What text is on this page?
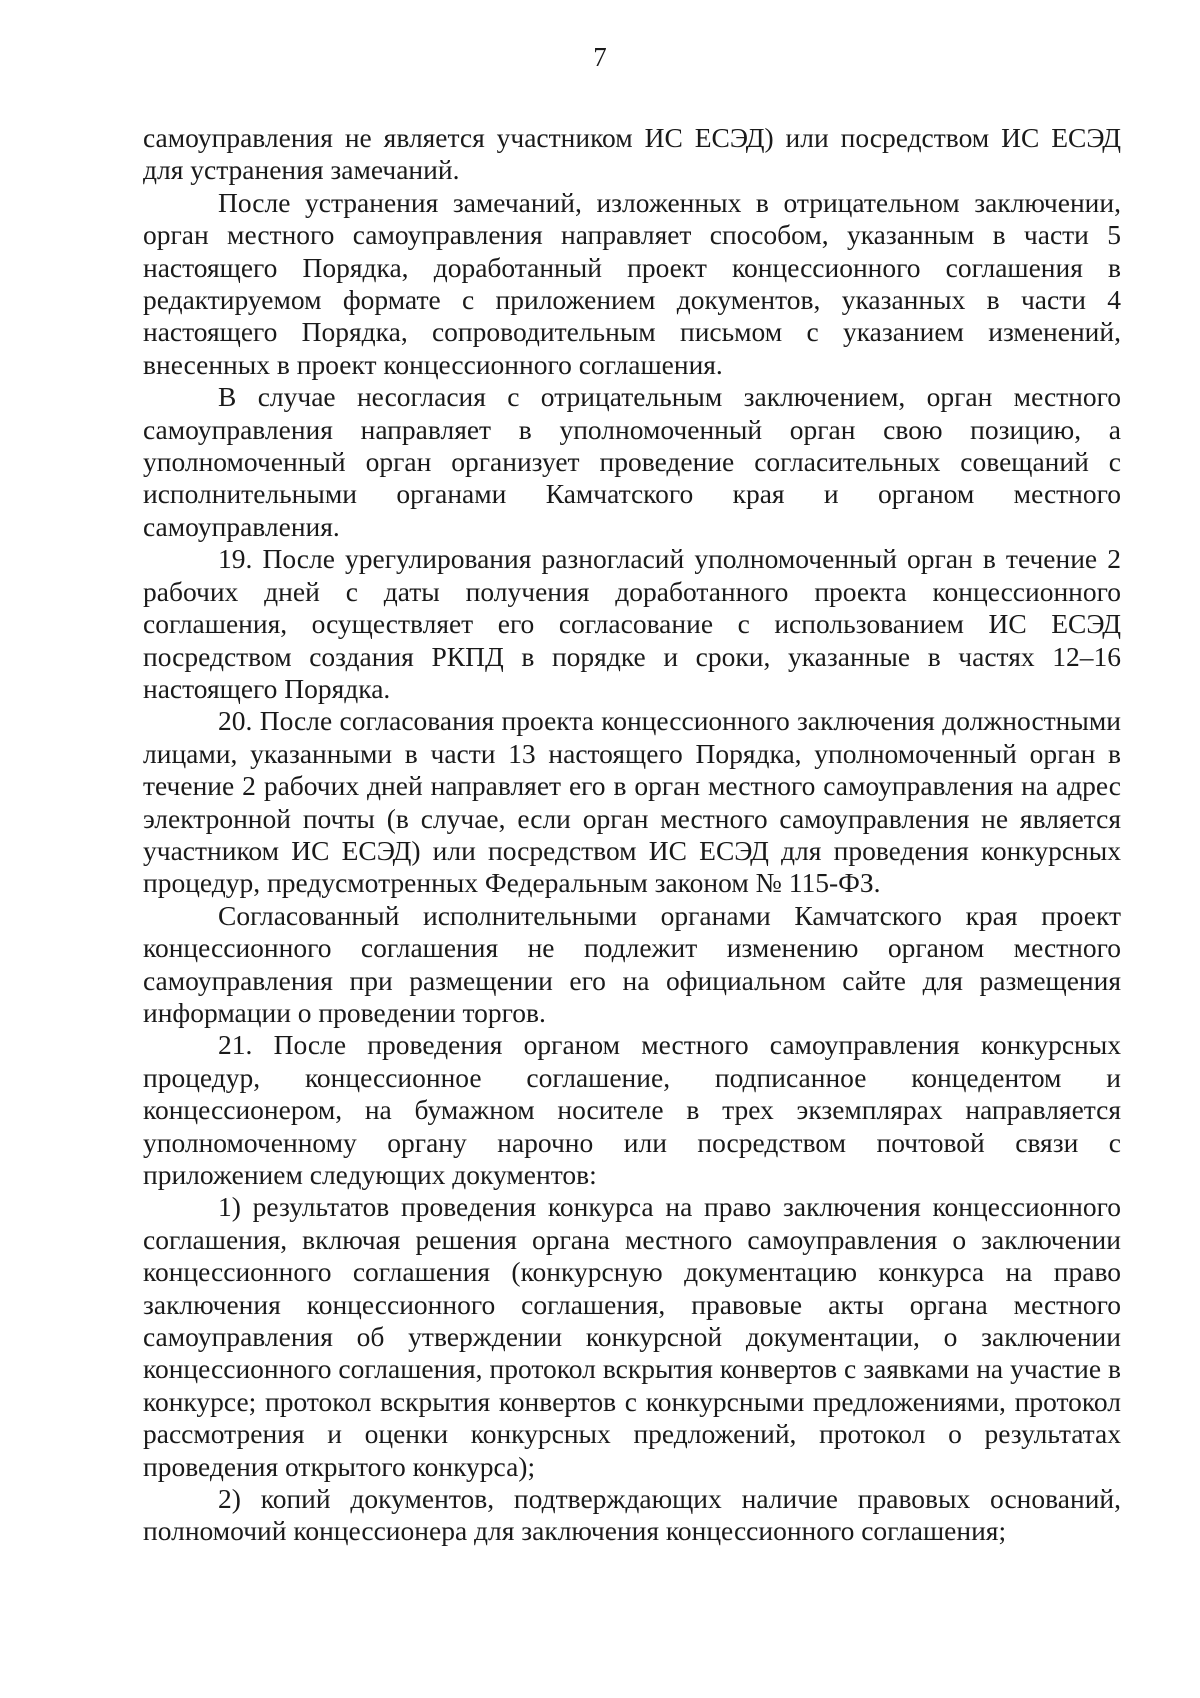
7

самоуправления не является участником ИС ЕСЭД) или посредством ИС ЕСЭД для устранения замечаний.

После устранения замечаний, изложенных в отрицательном заключении, орган местного самоуправления направляет способом, указанным в части 5 настоящего Порядка, доработанный проект концессионного соглашения в редактируемом формате с приложением документов, указанных в части 4 настоящего Порядка, сопроводительным письмом с указанием изменений, внесенных в проект концессионного соглашения.

В случае несогласия с отрицательным заключением, орган местного самоуправления направляет в уполномоченный орган свою позицию, а уполномоченный орган организует проведение согласительных совещаний с исполнительными органами Камчатского края и органом местного самоуправления.

19. После урегулирования разногласий уполномоченный орган в течение 2 рабочих дней с даты получения доработанного проекта концессионного соглашения, осуществляет его согласование с использованием ИС ЕСЭД посредством создания РКПД в порядке и сроки, указанные в частях 12–16 настоящего Порядка.

20. После согласования проекта концессионного заключения должностными лицами, указанными в части 13 настоящего Порядка, уполномоченный орган в течение 2 рабочих дней направляет его в орган местного самоуправления на адрес электронной почты (в случае, если орган местного самоуправления не является участником ИС ЕСЭД) или посредством ИС ЕСЭД для проведения конкурсных процедур, предусмотренных Федеральным законом № 115-ФЗ.

Согласованный исполнительными органами Камчатского края проект концессионного соглашения не подлежит изменению органом местного самоуправления при размещении его на официальном сайте для размещения информации о проведении торгов.

21. После проведения органом местного самоуправления конкурсных процедур, концессионное соглашение, подписанное концедентом и концессионером, на бумажном носителе в трех экземплярах направляется уполномоченному органу нарочно или посредством почтовой связи с приложением следующих документов:

1) результатов проведения конкурса на право заключения концессионного соглашения, включая решения органа местного самоуправления о заключении концессионного соглашения (конкурсную документацию конкурса на право заключения концессионного соглашения, правовые акты органа местного самоуправления об утверждении конкурсной документации, о заключении концессионного соглашения, протокол вскрытия конвертов с заявками на участие в конкурсе; протокол вскрытия конвертов с конкурсными предложениями, протокол рассмотрения и оценки конкурсных предложений, протокол о результатах проведения открытого конкурса);

2) копий документов, подтверждающих наличие правовых оснований, полномочий концессионера для заключения концессионного соглашения;
